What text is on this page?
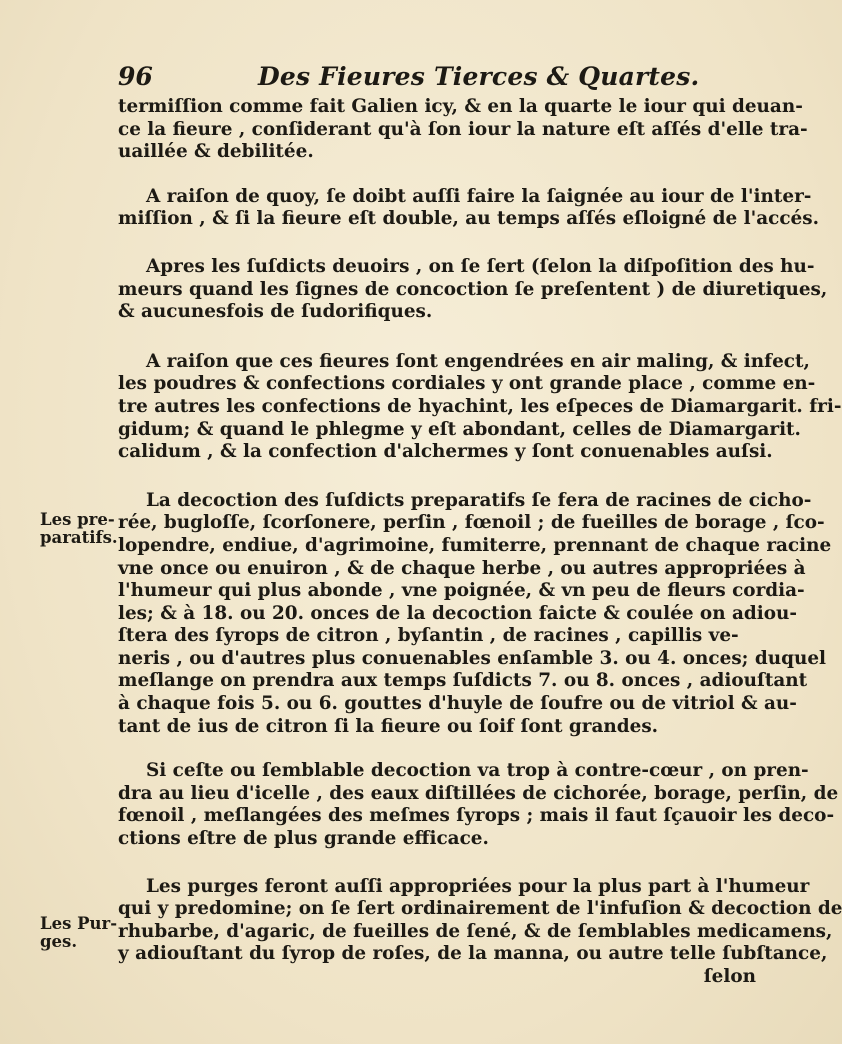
96	Des Fieures Tierces & Quartes.

termiſſion comme fait Galien icy, & en la quarte le iour qui deuan-
ce la fieure , conſiderant qu'à ſon iour la nature eſt aſſés d'elle tra-
uaillée & debilitée.

A raiſon de quoy, ſe doibt auſſi faire la ſaignée au iour de l'inter-
miſſion , & ſi la fieure eſt double, au temps aſſés eſloigné de l'accés.

Apres les ſuſdicts deuoirs , on ſe ſert (ſelon la diſpoſition des hu-
meurs quand les ſignes de concoction ſe preſentent ) de diuretiques,
& aucunesfois de ſudorifiques.

A raiſon que ces fieures ſont engendrées en air maling, & infect,
les poudres & confections cordiales y ont grande place , comme en-
tre autres les confections de hyachint, les eſpeces de Diamargarit. fri-
gidum; & quand le phlegme y eſt abondant, celles de Diamargarit.
calidum , & la confection d'alchermes y ſont conuenables auſsi.

La decoction des ſuſdicts preparatifs ſe fera de racines de cicho-
rée, bugloſſe, ſcorſonere, perſin , fœnoil ; de fueilles de borage , ſco-
lopendre, endiue, d'agrimoine, fumiterre, prennant de chaque racine
vne once ou enuiron , & de chaque herbe , ou autres appropriées à
l'humeur qui plus abonde , vne poignée, & vn peu de fleurs cordia-
les; & à 18. ou 20. onces de la decoction faicte & coulée on adiou-
ſtera des ſyrops de citron , byſantin , de racines , capillis ve-
neris , ou d'autres plus conuenables enſamble 3. ou 4. onces; duquel
meſlange on prendra aux temps ſuſdicts 7. ou 8. onces , adiouſtant
à chaque fois 5. ou 6. gouttes d'huyle de ſoufre ou de vitriol & au-
tant de ius de citron ſi la fieure ou ſoif ſont grandes.

Si ceſte ou ſemblable decoction va trop à contre-cœur , on pren-
dra au lieu d'icelle , des eaux diſtillées de cichorée, borage, perſin, de
fœnoil , meſlangées des meſmes ſyrops ; mais il faut ſçauoir les deco-
ctions eſtre de plus grande efficace.

Les purges feront auſſi appropriées pour la plus part à l'humeur
qui y predomine; on ſe ſert ordinairement de l'infuſion & decoction de
rhubarbe, d'agaric, de fueilles de ſené, & de ſemblables medicamens,
y adiouſtant du ſyrop de roſes, de la manna, ou autre telle ſubſtance,
ſelon

Les pre-
paratifs.
Les Pur-
ges.
